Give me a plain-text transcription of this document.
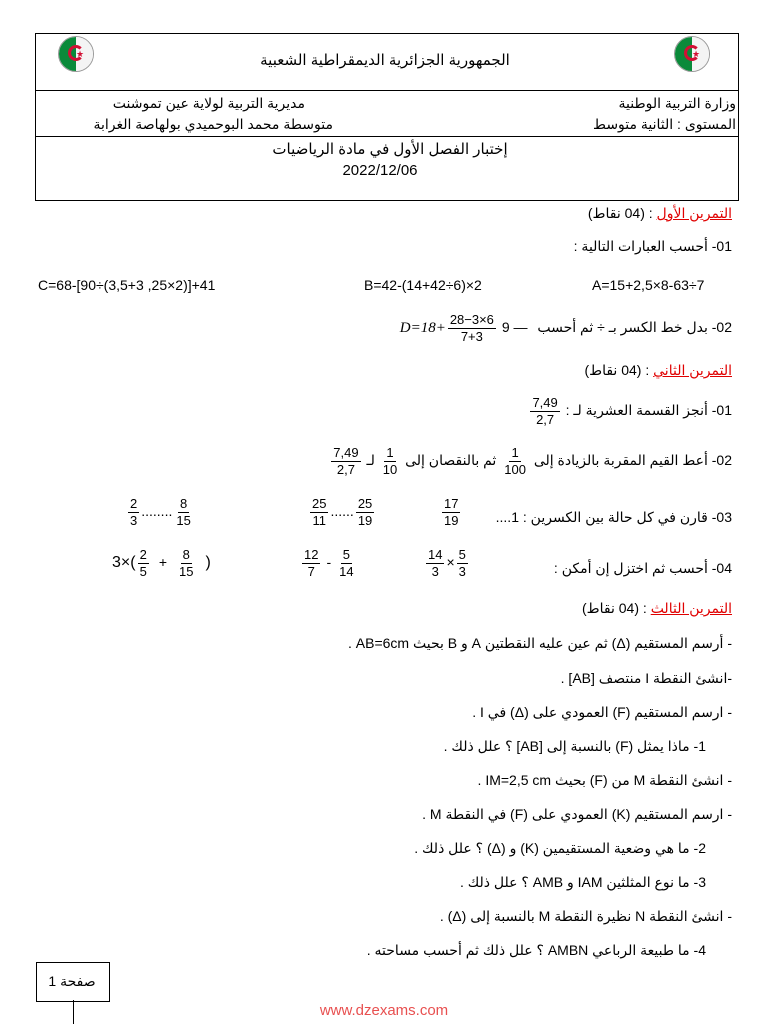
★	★
الجمهورية الجزائرية الديمقراطية الشعبية
وزارة التربية الوطنية
المستوى : الثانية متوسط
مديرية التربية لولاية عين تموشنت
متوسطة محمد البوحميدي بولهاصة الغرابة
إختبار الفصل الأول في مادة الرياضيات
2022/12/06
التمرين الأول : (04 نقاط)
01- أحسب العبارات التالية :
A=15+2,5×8-63÷7
B=42-(14+42÷6)×2
C=68-[90÷(3,5+3 ,25×2)]+41
02- بدل خط الكسر بـ ÷ ثم أحسب — 9 $D=18+ \frac{28-3\times 6}{7+3}$
التمرين الثاني : (04 نقاط)
01- أنجز القسمة العشرية لـ :
$\frac{7,49}{2,7}$
02- أعط القيم المقربة بالزيادة إلى
$\frac{1}{100}$
ثم بالنقصان إلى
$\frac{1}{10}$
لـ
$\frac{7,49}{2,7}$
03- قارن في كل حالة بين الكسرين : 1....
$\frac{17}{19}$
$\frac{25}{11}$ ...... $\frac{25}{19}$
$\frac{2}{3}$ ........ $\frac{8}{15}$
04- أحسب ثم اختزل إن أمكن :
$\frac{14}{3} \times \frac{5}{3}$
$\frac{12}{7} - \frac{5}{14}$
$3\times( \frac{2}{5} + \frac{8}{15}$ )
التمرين الثالث : (04 نقاط)
- أرسم المستقيم (Δ) ثم عين عليه النقطتين A و B بحيث AB=6cm .
-انشئ النقطة I منتصف [AB] .
- ارسم المستقيم (F) العمودي على (Δ) في I .
1- ماذا يمثل (F) بالنسبة إلى [AB] ؟ علل ذلك .
- انشئ النقطة M من (F) بحيث IM=2,5 cm .
- ارسم المستقيم (K) العمودي على (F) في النقطة M .
2- ما هي وضعية المستقيمين (K) و (Δ) ؟ علل ذلك .
3- ما نوع المثلثين IAM و AMB ؟ علل ذلك .
- انشئ النقطة N نظيرة النقطة M بالنسبة إلى (Δ) .
4- ما طبيعة الرباعي AMBN ؟ علل ذلك ثم أحسب مساحته .
صفحة 1
www.dzexams.com
